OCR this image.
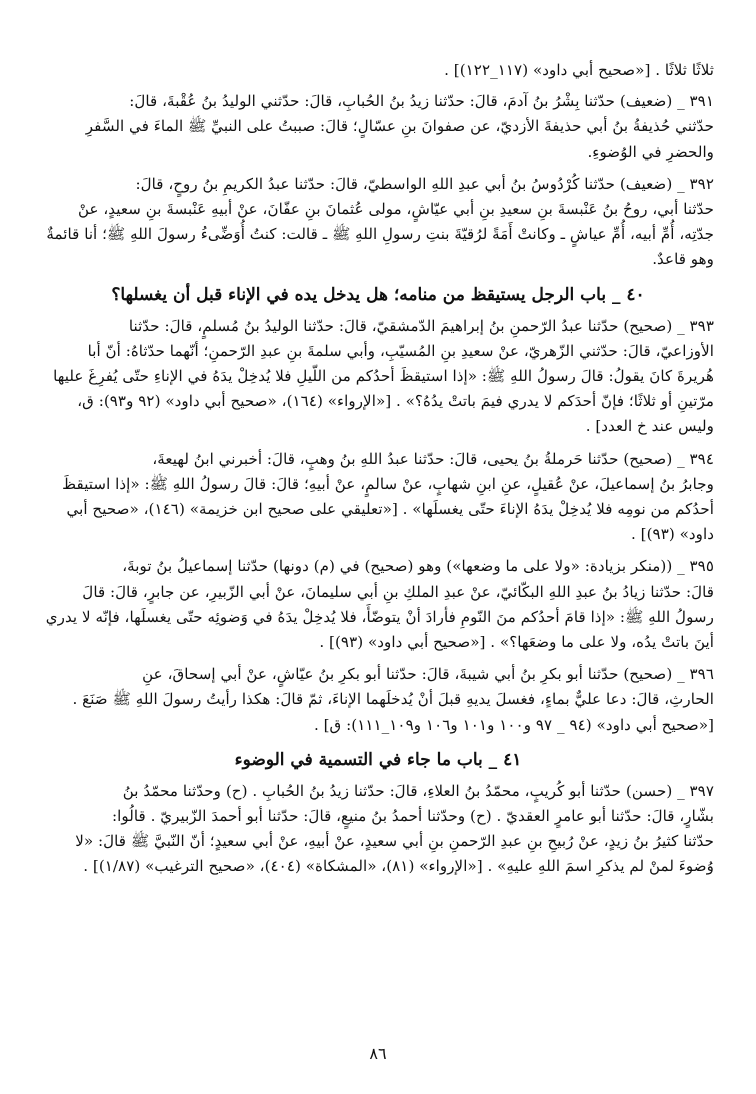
ثلاثًا ثلاثًا . [«صحيح أبي داود» (١١٧_١٢٢)] .
٣٩١ _ (ضعيف) حدّثنا بِشْرُ بنُ آدمَ، قالَ: حدّثنا زيدُ بنُ الحُبابِ، قالَ: حدّثني الوليدُ بنُ عُقْبةَ، قالَ:
حدّثني حُذيفةُ بنُ أبي حذيفةَ الأزديّ، عن صفوانَ بنِ عسّالٍ؛ قالَ: صببتُ على النبيِّ ﷺ الماءَ في السَّفرِ
والحضرِ في الوُضوءِ.
٣٩٢ _ (ضعيف) حدّثنا كُرْدُوسُ بنُ أبي عبدِ اللهِ الواسطيّ، قالَ: حدّثنا عبدُ الكريمِ بنُ روحٍ، قالَ:
حدّثنا أبي، روحُ بنُ عَنْبسةَ بنِ سعيدِ بنِ أبي عيّاشٍ، مولى عُثمانَ بنِ عفّانَ، عنْ أبيهِ عَنْبسةَ بنِ سعيدٍ، عنْ
جدّتِه، أُمِّ أبيه، أُمِّ عياشٍ ـ وكانتْ أَمَةً لرُقيّةَ بنتِ رسولِ اللهِ ﷺ ـ قالت: كنتُ أُوَضِّىءُ رسولَ اللهِ ﷺ؛ أنا قائمةٌ
وهو قاعدٌ.
٤٠ _ باب الرجل يستيقظ من منامه؛ هل يدخل يده في الإناء قبل أن يغسلها؟
٣٩٣ _ (صحيح) حدّثنا عبدُ الرّحمنِ بنُ إبراهيمَ الدّمشقيّ، قالَ: حدّثنا الوليدُ بنُ مُسلمٍ، قالَ: حدّثنا
الأوزاعيّ، قالَ: حدّثني الزّهريّ، عنْ سعيدِ بنِ المُسيّبِ، وأبي سلمةَ بنِ عبدِ الرّحمنِ؛ أنّهما حدّثاهُ: أنّ أبا
هُريرةَ كانَ يقولُ: قالَ رسولُ اللهِ ﷺ: «إذا استيقظَ أحدُكم من اللّيلِ فلا يُدخِلْ يدَهُ في الإناءِ حتّى يُفرِغَ عليها
مرّتينِ أو ثلاثًا؛ فإنّ أحدَكم لا يدري فيمَ باتتْ يدُهُ؟» . [«الإرواء» (١٦٤)، «صحيح أبي داود» (٩٢ و٩٣): ق،
وليس عند خ العدد] .
٣٩٤ _ (صحيح) حدّثنا حَرملةُ بنُ يحيى، قالَ: حدّثنا عبدُ اللهِ بنُ وهبٍ، قالَ: أخبرني ابنُ لهيعةَ،
وجابرُ بنُ إسماعيلَ، عنْ عُقيلٍ، عنِ ابنِ شهابٍ، عنْ سالمٍ، عنْ أبيهِ؛ قالَ: قالَ رسولُ اللهِ ﷺ: «إذا استيقظَ
أحدُكم من نومِه فلا يُدخِلْ يدَهُ الإناءَ حتّى يغسلَها» . [«تعليقي على صحيح ابن خزيمة» (١٤٦)، «صحيح أبي
داود» (٩٣)] .
٣٩٥ _ ((منكر بزيادة: «ولا على ما وضعها») وهو (صحيح) في (م) دونها) حدّثنا إسماعيلُ بنُ توبةَ،
قالَ: حدّثنا زيادُ بنُ عبدِ اللهِ البكّائيّ، عنْ عبدِ الملكِ بنِ أبي سليمانَ، عنْ أبي الزّبيرِ، عن جابرٍ، قالَ: قالَ
رسولُ اللهِ ﷺ: «إذا قامَ أحدُكم منَ النّومِ فأرادَ أنْ يتوضّأَ، فلا يُدخِلْ يدَهُ في وَضوئِه حتّى يغسلَها، فإنّه لا يدري
أينَ باتتْ يدُه، ولا على ما وضعَها؟» . [«صحيح أبي داود» (٩٣)] .
٣٩٦ _ (صحيح) حدّثنا أبو بكرِ بنُ أبي شيبةَ، قالَ: حدّثنا أبو بكرِ بنُ عيّاشٍ، عنْ أبي إسحاقَ، عنِ
الحارثِ، قالَ: دعا عليٌّ بماءٍ، فغسلَ يديهِ قبلَ أنْ يُدخلَهما الإناءَ، ثمّ قالَ: هكذا رأيتُ رسولَ اللهِ ﷺ صَنَعَ .
[«صحيح أبي داود» (٩٤ _ ٩٧ و١٠٠ و١٠١ و١٠٦ و١٠٩_١١١): ق] .
٤١ _ باب ما جاء في التسمية في الوضوء
٣٩٧ _ (حسن) حدّثنا أبو كُريبٍ، محمّدُ بنُ العلاءِ، قالَ: حدّثنا زيدُ بنُ الحُبابِ . (ح) وحدّثنا محمّدُ بنُ
بشّارٍ، قالَ: حدّثنا أبو عامرٍ العقديّ . (ح) وحدّثنا أحمدُ بنُ منيعٍ، قالَ: حدّثنا أبو أحمدَ الزّبيريّ . قالُوا:
حدّثنا كثيرُ بنُ زيدٍ، عنْ رُبيحِ بنِ عبدِ الرّحمنِ بنِ أبي سعيدٍ، عنْ أبيهِ، عنْ أبي سعيدٍ؛ أنّ النّبيَّ ﷺ قالَ: «لا
وُضوءَ لمنْ لم يذكرِ اسمَ اللهِ عليهِ» . [«الإرواء» (٨١)، «المشكاة» (٤٠٤)، «صحيح الترغيب» (١/٨٧)] .
٨٦
